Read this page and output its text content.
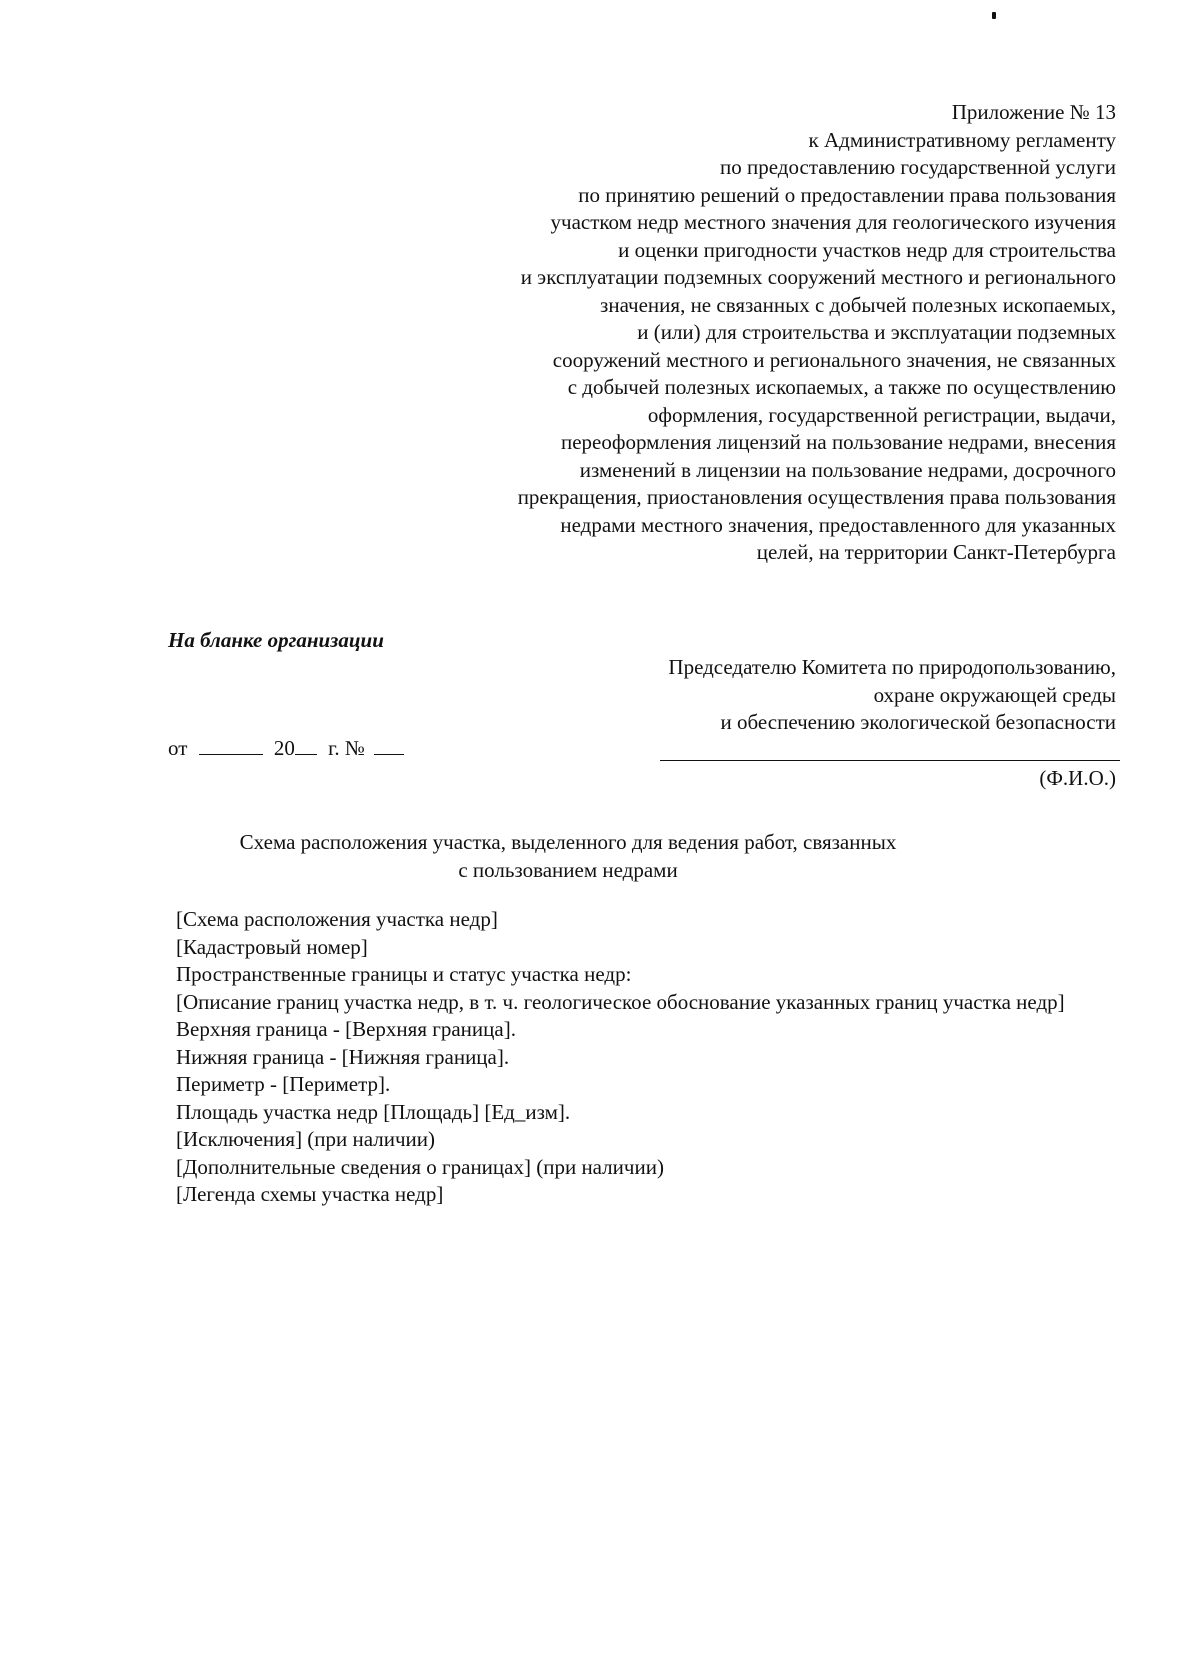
Приложение № 13
к Административному регламенту
по предоставлению государственной услуги
по принятию решений о предоставлении права пользования
участком недр местного значения для геологического изучения
и оценки пригодности участков недр для строительства
и эксплуатации подземных сооружений местного и регионального
значения, не связанных с добычей полезных ископаемых,
и (или) для строительства и эксплуатации подземных
сооружений местного и регионального значения, не связанных
с добычей полезных ископаемых, а также по осуществлению
оформления, государственной регистрации, выдачи,
переоформления лицензий на пользование недрами, внесения
изменений в лицензии на пользование недрами, досрочного
прекращения, приостановления осуществления права пользования
недрами местного значения, предоставленного для указанных
целей, на территории Санкт-Петербурга
На бланке организации
Председателю Комитета по природопользованию,
охране окружающей среды
и обеспечению экологической безопасности
от	20 г. №
(Ф.И.О.)
Схема расположения участка, выделенного для ведения работ, связанных
с пользованием недрами
[Схема расположения участка недр]
[Кадастровый номер]
Пространственные границы и статус участка недр:
[Описание границ участка недр, в т. ч. геологическое обоснование указанных границ участка недр]
Верхняя граница - [Верхняя граница].
Нижняя граница - [Нижняя граница].
Периметр - [Периметр].
Площадь участка недр [Площадь] [Ед_изм].
[Исключения] (при наличии)
[Дополнительные сведения о границах] (при наличии)
[Легенда схемы участка недр]
